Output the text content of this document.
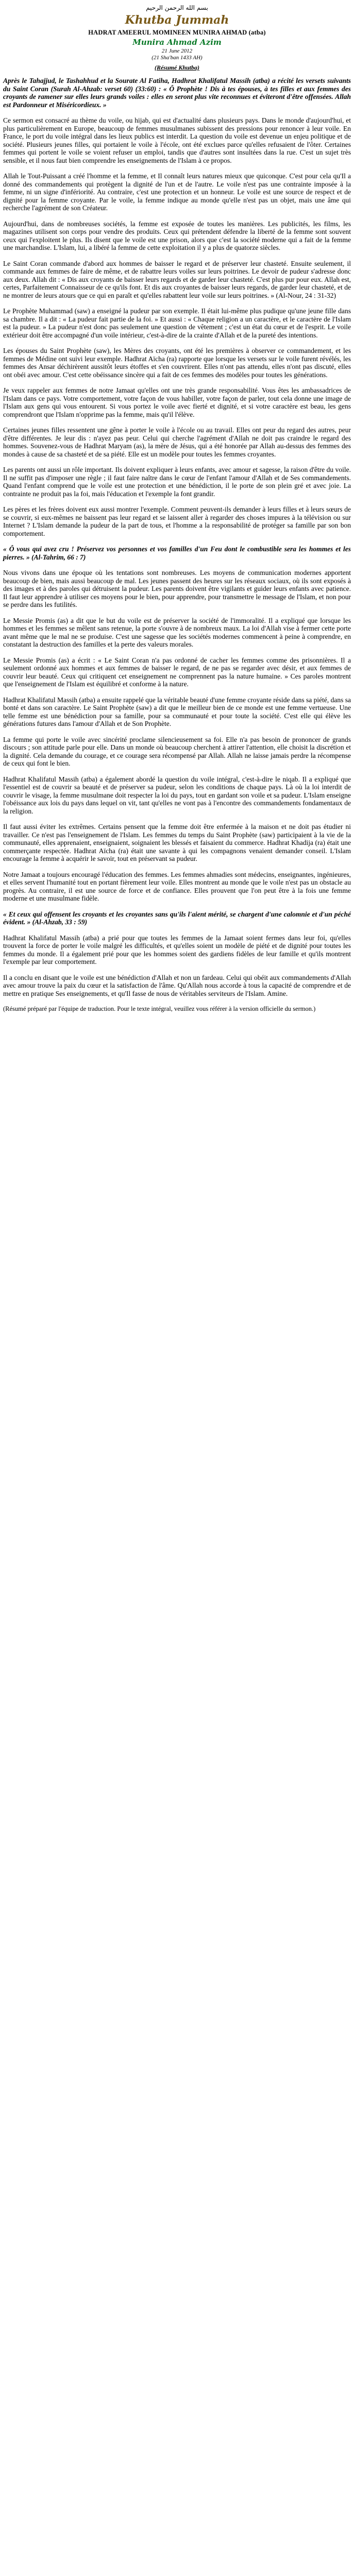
بسم الله الرحمن الرحيم
Khutba Jummah
HADRAT AMEERUL MOMINEEN MUNIRA AHMAD (atba)
Munira Ahmad Azim
21 June 2012
(21 Sha'ban 1433 AH)
(Résumé Khutba)

Après le Tahajjud, le Tashahhud et la Sourate Al Fatiha, Hadhrat Khalifatul Massih (atba) a récité les versets suivants du Saint Coran (Surah Al-Ahzab: verset 60) (33:60) : « Ô Prophète ! Dis à tes épouses, à tes filles et aux femmes des croyants de ramener sur elles leurs grands voiles : elles en seront plus vite reconnues et éviteront d'être offensées. Allah est Pardonneur et Miséricordieux. »

Ce sermon est consacré au thème du voile, ou hijab, qui est d'actualité dans plusieurs pays. Dans le monde d'aujourd'hui, et plus particulièrement en Europe, beaucoup de femmes musulmanes subissent des pressions pour renoncer à leur voile. En France, le port du voile intégral dans les lieux publics est interdit. La question du voile est devenue un enjeu politique et de société. Plusieurs jeunes filles, qui portaient le voile à l'école, ont été exclues parce qu'elles refusaient de l'ôter. Certaines femmes qui portent le voile se voient refuser un emploi, tandis que d'autres sont insultées dans la rue. C'est un sujet très sensible, et il nous faut bien comprendre les enseignements de l'Islam à ce propos.

Allah le Tout-Puissant a créé l'homme et la femme, et Il connaît leurs natures mieux que quiconque. C'est pour cela qu'Il a donné des commandements qui protègent la dignité de l'un et de l'autre. Le voile n'est pas une contrainte imposée à la femme, ni un signe d'infériorité. Au contraire, c'est une protection et un honneur. Le voile est une source de respect et de dignité pour la femme croyante. Par le voile, la femme indique au monde qu'elle n'est pas un objet, mais une âme qui recherche l'agrément de son Créateur.

Aujourd'hui, dans de nombreuses sociétés, la femme est exposée de toutes les manières. Les publicités, les films, les magazines utilisent son corps pour vendre des produits. Ceux qui prétendent défendre la liberté de la femme sont souvent ceux qui l'exploitent le plus. Ils disent que le voile est une prison, alors que c'est la société moderne qui a fait de la femme une marchandise. L'Islam, lui, a libéré la femme de cette exploitation il y a plus de quatorze siècles.

Le Saint Coran commande d'abord aux hommes de baisser le regard et de préserver leur chasteté. Ensuite seulement, il commande aux femmes de faire de même, et de rabattre leurs voiles sur leurs poitrines. Le devoir de pudeur s'adresse donc aux deux. Allah dit : « Dis aux croyants de baisser leurs regards et de garder leur chasteté. C'est plus pur pour eux. Allah est, certes, Parfaitement Connaisseur de ce qu'ils font. Et dis aux croyantes de baisser leurs regards, de garder leur chasteté, et de ne montrer de leurs atours que ce qui en paraît et qu'elles rabattent leur voile sur leurs poitrines. » (Al-Nour, 24 : 31-32)

Le Prophète Muhammad (saw) a enseigné la pudeur par son exemple. Il était lui-même plus pudique qu'une jeune fille dans sa chambre. Il a dit : « La pudeur fait partie de la foi. » Et aussi : « Chaque religion a un caractère, et le caractère de l'Islam est la pudeur. » La pudeur n'est donc pas seulement une question de vêtement ; c'est un état du cœur et de l'esprit. Le voile extérieur doit être accompagné d'un voile intérieur, c'est-à-dire de la crainte d'Allah et de la pureté des intentions.

Les épouses du Saint Prophète (saw), les Mères des croyants, ont été les premières à observer ce commandement, et les femmes de Médine ont suivi leur exemple. Hadhrat Aïcha (ra) rapporte que lorsque les versets sur le voile furent révélés, les femmes des Ansar déchirèrent aussitôt leurs étoffes et s'en couvrirent. Elles n'ont pas attendu, elles n'ont pas discuté, elles ont obéi avec amour. C'est cette obéissance sincère qui a fait de ces femmes des modèles pour toutes les générations.

Je veux rappeler aux femmes de notre Jamaat qu'elles ont une très grande responsabilité. Vous êtes les ambassadrices de l'Islam dans ce pays. Votre comportement, votre façon de vous habiller, votre façon de parler, tout cela donne une image de l'Islam aux gens qui vous entourent. Si vous portez le voile avec fierté et dignité, et si votre caractère est beau, les gens comprendront que l'Islam n'opprime pas la femme, mais qu'il l'élève.

Certaines jeunes filles ressentent une gêne à porter le voile à l'école ou au travail. Elles ont peur du regard des autres, peur d'être différentes. Je leur dis : n'ayez pas peur. Celui qui cherche l'agrément d'Allah ne doit pas craindre le regard des hommes. Souvenez-vous de Hadhrat Maryam (as), la mère de Jésus, qui a été honorée par Allah au-dessus des femmes des mondes à cause de sa chasteté et de sa piété. Elle est un modèle pour toutes les femmes croyantes.

Les parents ont aussi un rôle important. Ils doivent expliquer à leurs enfants, avec amour et sagesse, la raison d'être du voile. Il ne suffit pas d'imposer une règle ; il faut faire naître dans le cœur de l'enfant l'amour d'Allah et de Ses commandements. Quand l'enfant comprend que le voile est une protection et une bénédiction, il le porte de son plein gré et avec joie. La contrainte ne produit pas la foi, mais l'éducation et l'exemple la font grandir.

Les pères et les frères doivent eux aussi montrer l'exemple. Comment peuvent-ils demander à leurs filles et à leurs sœurs de se couvrir, si eux-mêmes ne baissent pas leur regard et se laissent aller à regarder des choses impures à la télévision ou sur Internet ? L'Islam demande la pudeur de la part de tous, et l'homme a la responsabilité de protéger sa famille par son bon comportement.

« Ô vous qui avez cru ! Préservez vos personnes et vos familles d'un Feu dont le combustible sera les hommes et les pierres. » (Al-Tahrim, 66 : 7)

Nous vivons dans une époque où les tentations sont nombreuses. Les moyens de communication modernes apportent beaucoup de bien, mais aussi beaucoup de mal. Les jeunes passent des heures sur les réseaux sociaux, où ils sont exposés à des images et à des paroles qui détruisent la pudeur. Les parents doivent être vigilants et guider leurs enfants avec patience. Il faut leur apprendre à utiliser ces moyens pour le bien, pour apprendre, pour transmettre le message de l'Islam, et non pour se perdre dans les futilités.

Le Messie Promis (as) a dit que le but du voile est de préserver la société de l'immoralité. Il a expliqué que lorsque les hommes et les femmes se mêlent sans retenue, la porte s'ouvre à de nombreux maux. La loi d'Allah vise à fermer cette porte avant même que le mal ne se produise. C'est une sagesse que les sociétés modernes commencent à peine à comprendre, en constatant la destruction des familles et la perte des valeurs morales.

Le Messie Promis (as) a écrit : « Le Saint Coran n'a pas ordonné de cacher les femmes comme des prisonnières. Il a seulement ordonné aux hommes et aux femmes de baisser le regard, de ne pas se regarder avec désir, et aux femmes de couvrir leur beauté. Ceux qui critiquent cet enseignement ne comprennent pas la nature humaine. » Ces paroles montrent que l'enseignement de l'Islam est équilibré et conforme à la nature.

Hadhrat Khalifatul Massih (atba) a ensuite rappelé que la véritable beauté d'une femme croyante réside dans sa piété, dans sa bonté et dans son caractère. Le Saint Prophète (saw) a dit que le meilleur bien de ce monde est une femme vertueuse. Une telle femme est une bénédiction pour sa famille, pour sa communauté et pour toute la société. C'est elle qui élève les générations futures dans l'amour d'Allah et de Son Prophète.

La femme qui porte le voile avec sincérité proclame silencieusement sa foi. Elle n'a pas besoin de prononcer de grands discours ; son attitude parle pour elle. Dans un monde où beaucoup cherchent à attirer l'attention, elle choisit la discrétion et la dignité. Cela demande du courage, et ce courage sera récompensé par Allah. Allah ne laisse jamais perdre la récompense de ceux qui font le bien.

Hadhrat Khalifatul Massih (atba) a également abordé la question du voile intégral, c'est-à-dire le niqab. Il a expliqué que l'essentiel est de couvrir sa beauté et de préserver sa pudeur, selon les conditions de chaque pays. Là où la loi interdit de couvrir le visage, la femme musulmane doit respecter la loi du pays, tout en gardant son voile et sa pudeur. L'Islam enseigne l'obéissance aux lois du pays dans lequel on vit, tant qu'elles ne vont pas à l'encontre des commandements fondamentaux de la religion.

Il faut aussi éviter les extrêmes. Certains pensent que la femme doit être enfermée à la maison et ne doit pas étudier ni travailler. Ce n'est pas l'enseignement de l'Islam. Les femmes du temps du Saint Prophète (saw) participaient à la vie de la communauté, elles apprenaient, enseignaient, soignaient les blessés et faisaient du commerce. Hadhrat Khadija (ra) était une commerçante respectée. Hadhrat Aïcha (ra) était une savante à qui les compagnons venaient demander conseil. L'Islam encourage la femme à acquérir le savoir, tout en préservant sa pudeur.

Notre Jamaat a toujours encouragé l'éducation des femmes. Les femmes ahmadies sont médecins, enseignantes, ingénieures, et elles servent l'humanité tout en portant fièrement leur voile. Elles montrent au monde que le voile n'est pas un obstacle au progrès. Au contraire, il est une source de force et de confiance. Elles prouvent que l'on peut être à la fois une femme moderne et une musulmane fidèle.

« Et ceux qui offensent les croyants et les croyantes sans qu'ils l'aient mérité, se chargent d'une calomnie et d'un péché évident. » (Al-Ahzab, 33 : 59)

Hadhrat Khalifatul Massih (atba) a prié pour que toutes les femmes de la Jamaat soient fermes dans leur foi, qu'elles trouvent la force de porter le voile malgré les difficultés, et qu'elles soient un modèle de piété et de dignité pour toutes les femmes du monde. Il a également prié pour que les hommes soient des gardiens fidèles de leur famille et qu'ils montrent l'exemple par leur comportement.

Il a conclu en disant que le voile est une bénédiction d'Allah et non un fardeau. Celui qui obéit aux commandements d'Allah avec amour trouve la paix du cœur et la satisfaction de l'âme. Qu'Allah nous accorde à tous la capacité de comprendre et de mettre en pratique Ses enseignements, et qu'Il fasse de nous de véritables serviteurs de l'Islam. Amine.

(Résumé préparé par l'équipe de traduction. Pour le texte intégral, veuillez vous référer à la version officielle du sermon.)
